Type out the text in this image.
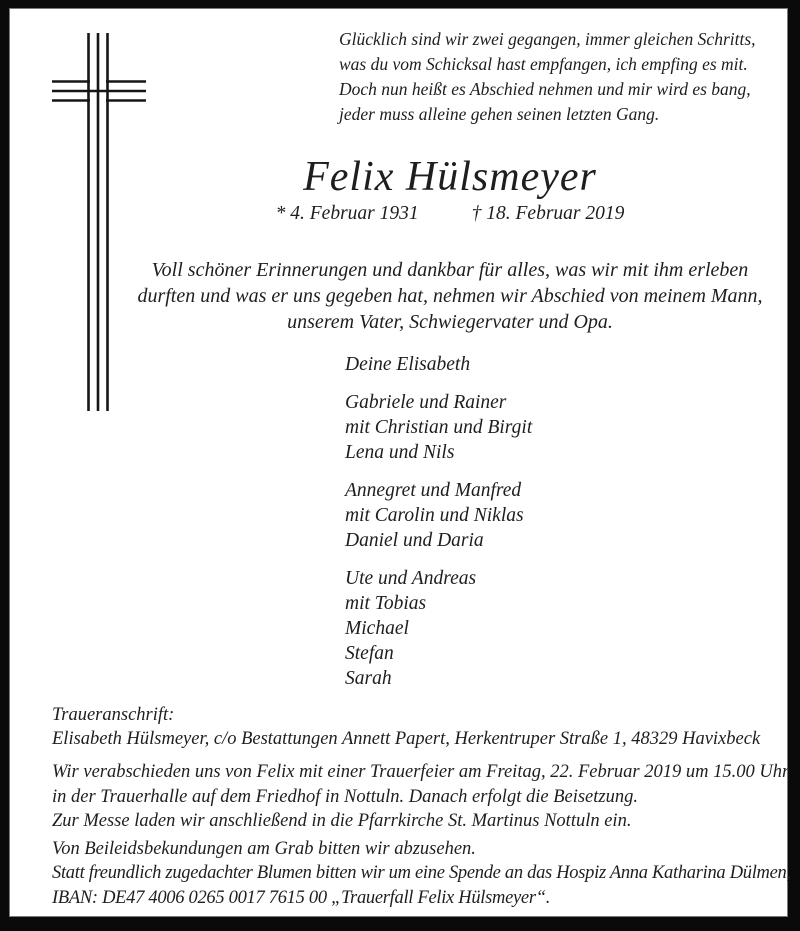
Glücklich sind wir zwei gegangen, immer gleichen Schritts,
was du vom Schicksal hast empfangen, ich empfing es mit.
Doch nun heißt es Abschied nehmen und mir wird es bang,
jeder muss alleine gehen seinen letzten Gang.
Felix Hülsmeyer
* 4. Februar 1931	† 18. Februar 2019
Voll schöner Erinnerungen und dankbar für alles, was wir mit ihm erleben
durften und was er uns gegeben hat, nehmen wir Abschied von meinem Mann,
unserem Vater, Schwiegervater und Opa.
Deine Elisabeth
Gabriele und Rainer
mit Christian und Birgit
Lena und Nils
Annegret und Manfred
mit Carolin und Niklas
Daniel und Daria
Ute und Andreas
mit Tobias
Michael
Stefan
Sarah
Traueranschrift:
Elisabeth Hülsmeyer, c/o Bestattungen Annett Papert, Herkentruper Straße 1, 48329 Havixbeck
Wir verabschieden uns von Felix mit einer Trauerfeier am Freitag, 22. Februar 2019 um 15.00 Uhr
in der Trauerhalle auf dem Friedhof in Nottuln. Danach erfolgt die Beisetzung.
Zur Messe laden wir anschließend in die Pfarrkirche St. Martinus Nottuln ein.
Von Beileidsbekundungen am Grab bitten wir abzusehen.
Statt freundlich zugedachter Blumen bitten wir um eine Spende an das Hospiz Anna Katharina Dülmen,
IBAN: DE47 4006 0265 0017 7615 00 „Trauerfall Felix Hülsmeyer“.
